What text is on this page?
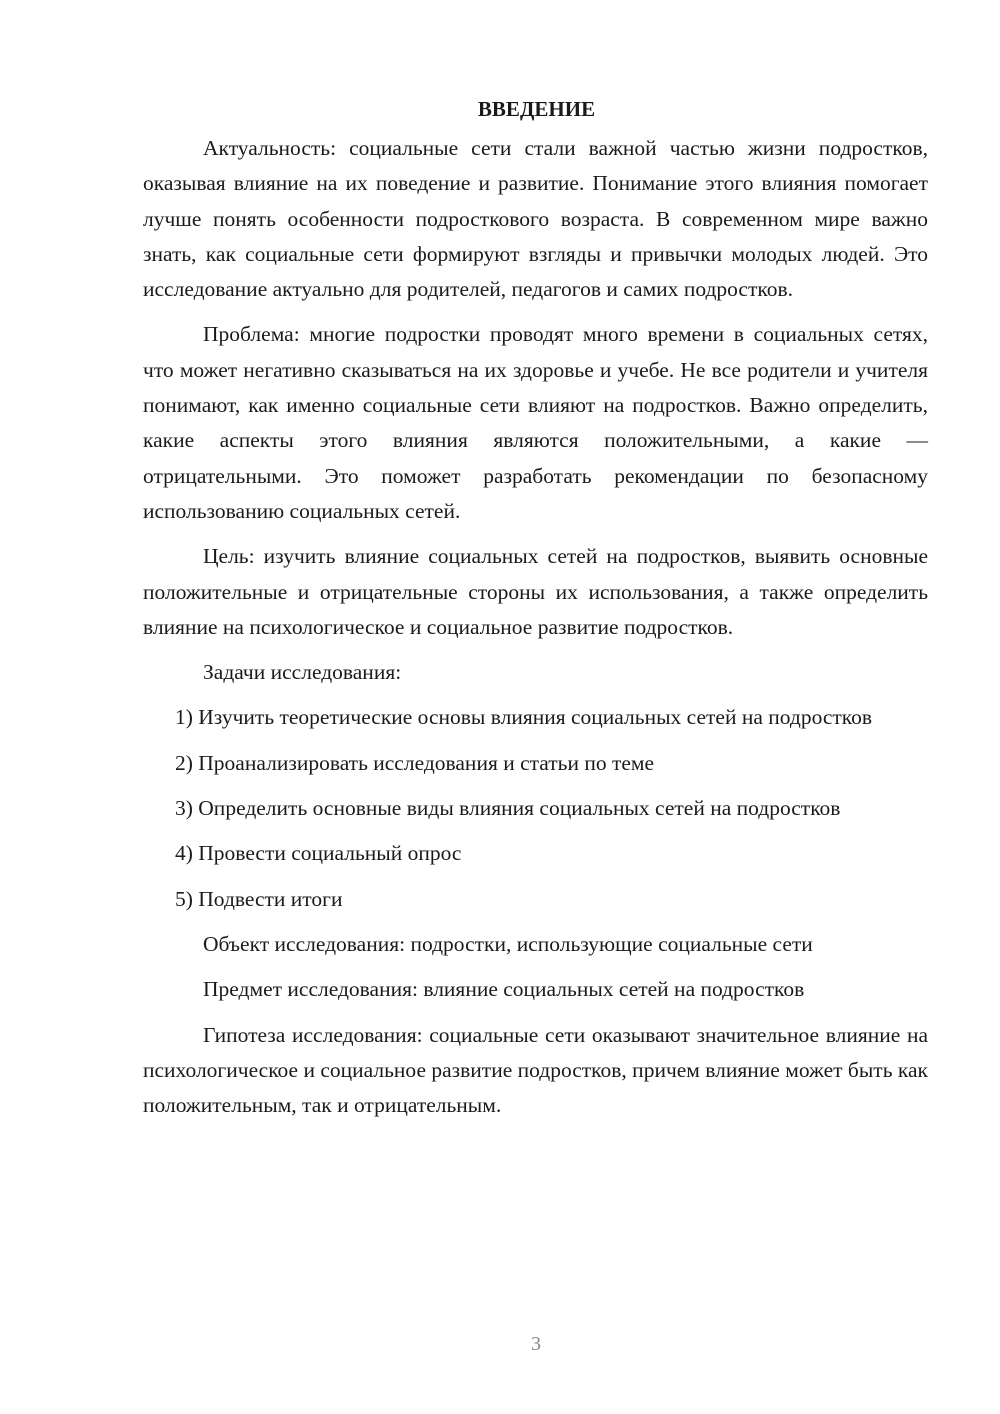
ВВЕДЕНИЕ

Актуальность: социальные сети стали важной частью жизни подростков, оказывая влияние на их поведение и развитие. Понимание этого влияния помогает лучше понять особенности подросткового возраста. В современном мире важно знать, как социальные сети формируют взгляды и привычки молодых людей. Это исследование актуально для родителей, педагогов и самих подростков.

Проблема: многие подростки проводят много времени в социальных сетях, что может негативно сказываться на их здоровье и учебе. Не все родители и учителя понимают, как именно социальные сети влияют на подростков. Важно определить, какие аспекты этого влияния являются положительными, а какие — отрицательными. Это поможет разработать рекомендации по безопасному использованию социальных сетей.

Цель: изучить влияние социальных сетей на подростков, выявить основные положительные и отрицательные стороны их использования, а также определить влияние на психологическое и социальное развитие подростков.

Задачи исследования:

1) Изучить теоретические основы влияния социальных сетей на подростков

2) Проанализировать исследования и статьи по теме

3) Определить основные виды влияния социальных сетей на подростков

4) Провести социальный опрос

5) Подвести итоги

Объект исследования: подростки, использующие социальные сети

Предмет исследования: влияние социальных сетей на подростков

Гипотеза исследования: социальные сети оказывают значительное влияние на психологическое и социальное развитие подростков, причем влияние может быть как положительным, так и отрицательным.

3
